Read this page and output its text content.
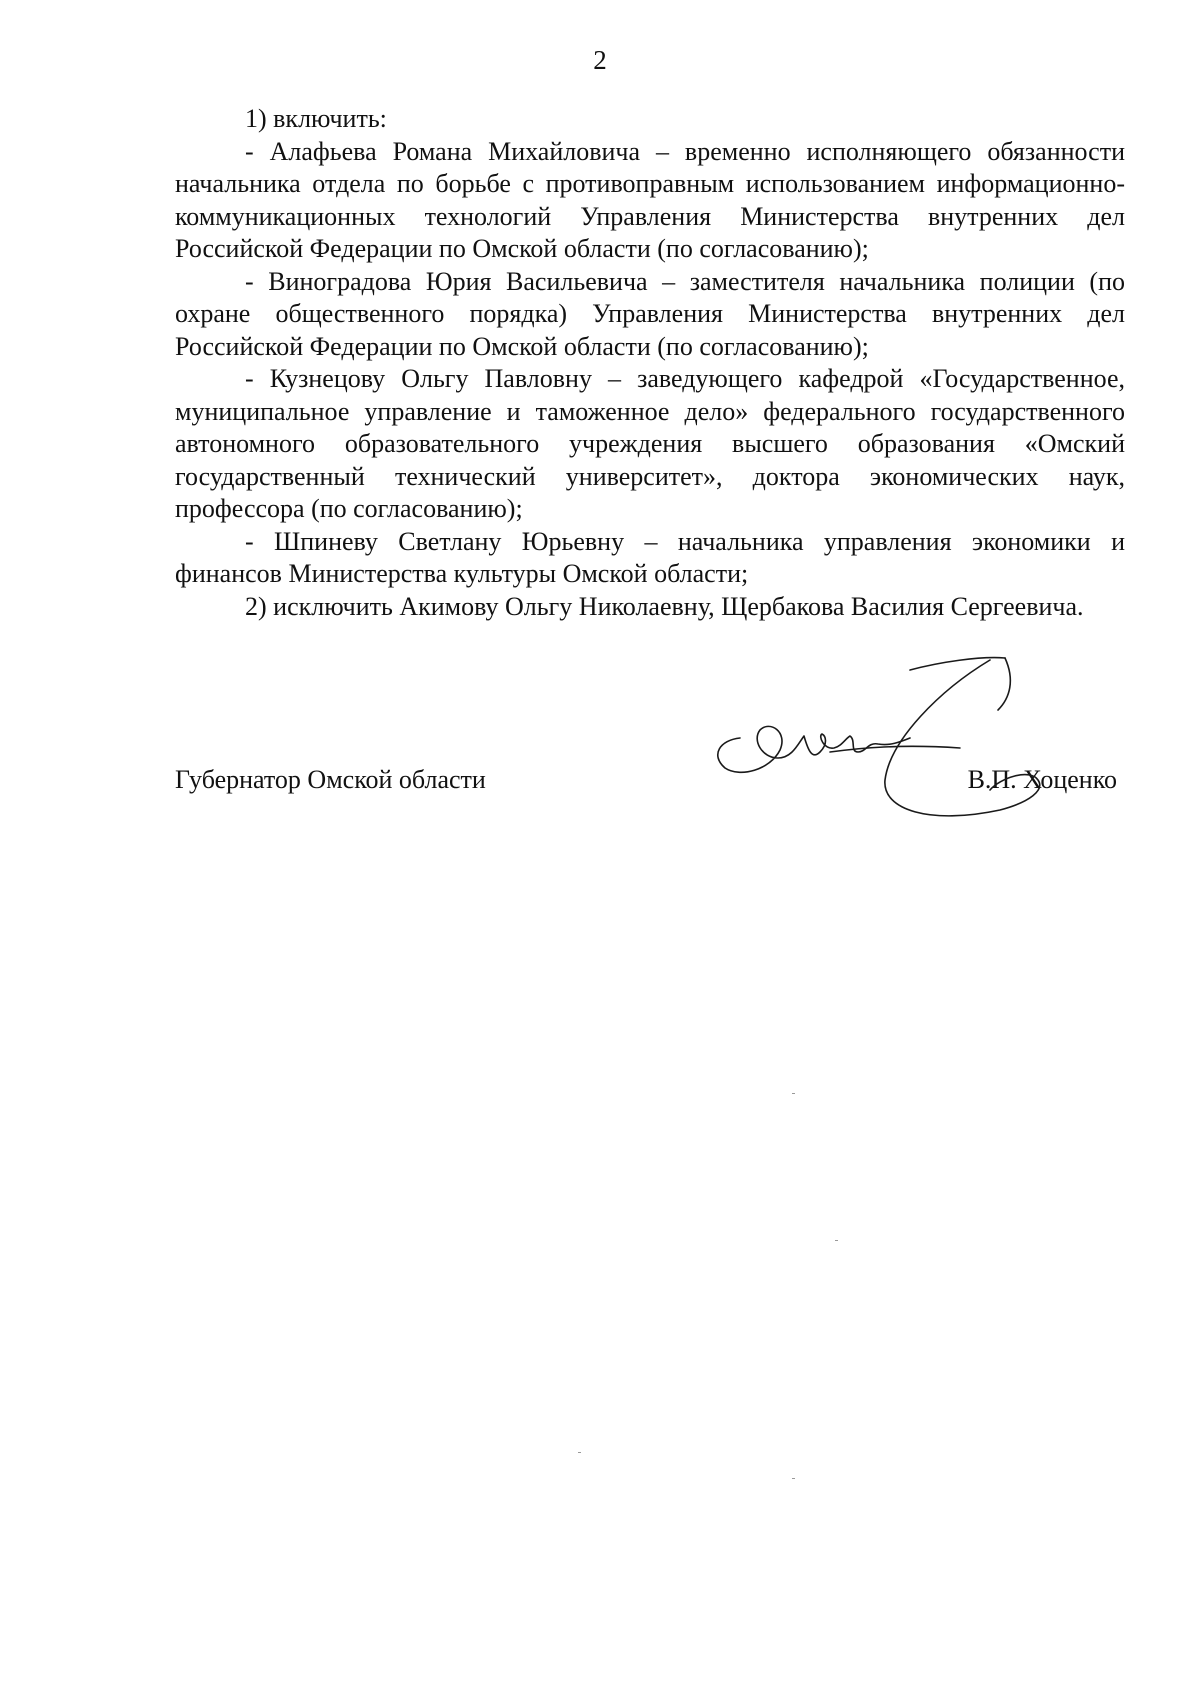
2

1) включить:

- Алафьева Романа Михайловича – временно исполняющего обязанности начальника отдела по борьбе с противоправным использованием информационно-коммуникационных технологий Управления Министерства внутренних дел Российской Федерации по Омской области (по согласованию);

- Виноградова Юрия Васильевича – заместителя начальника полиции (по охране общественного порядка) Управления Министерства внутренних дел Российской Федерации по Омской области (по согласованию);

- Кузнецову Ольгу Павловну – заведующего кафедрой «Государственное, муниципальное управление и таможенное дело» федерального государственного автономного образовательного учреждения высшего образования «Омский государственный технический университет», доктора экономических наук, профессора (по согласованию);

- Шпиневу Светлану Юрьевну – начальника управления экономики и финансов Министерства культуры Омской области;

2) исключить Акимову Ольгу Николаевну, Щербакова Василия Сергеевича.

Губернатор Омской области	В.П. Хоценко
